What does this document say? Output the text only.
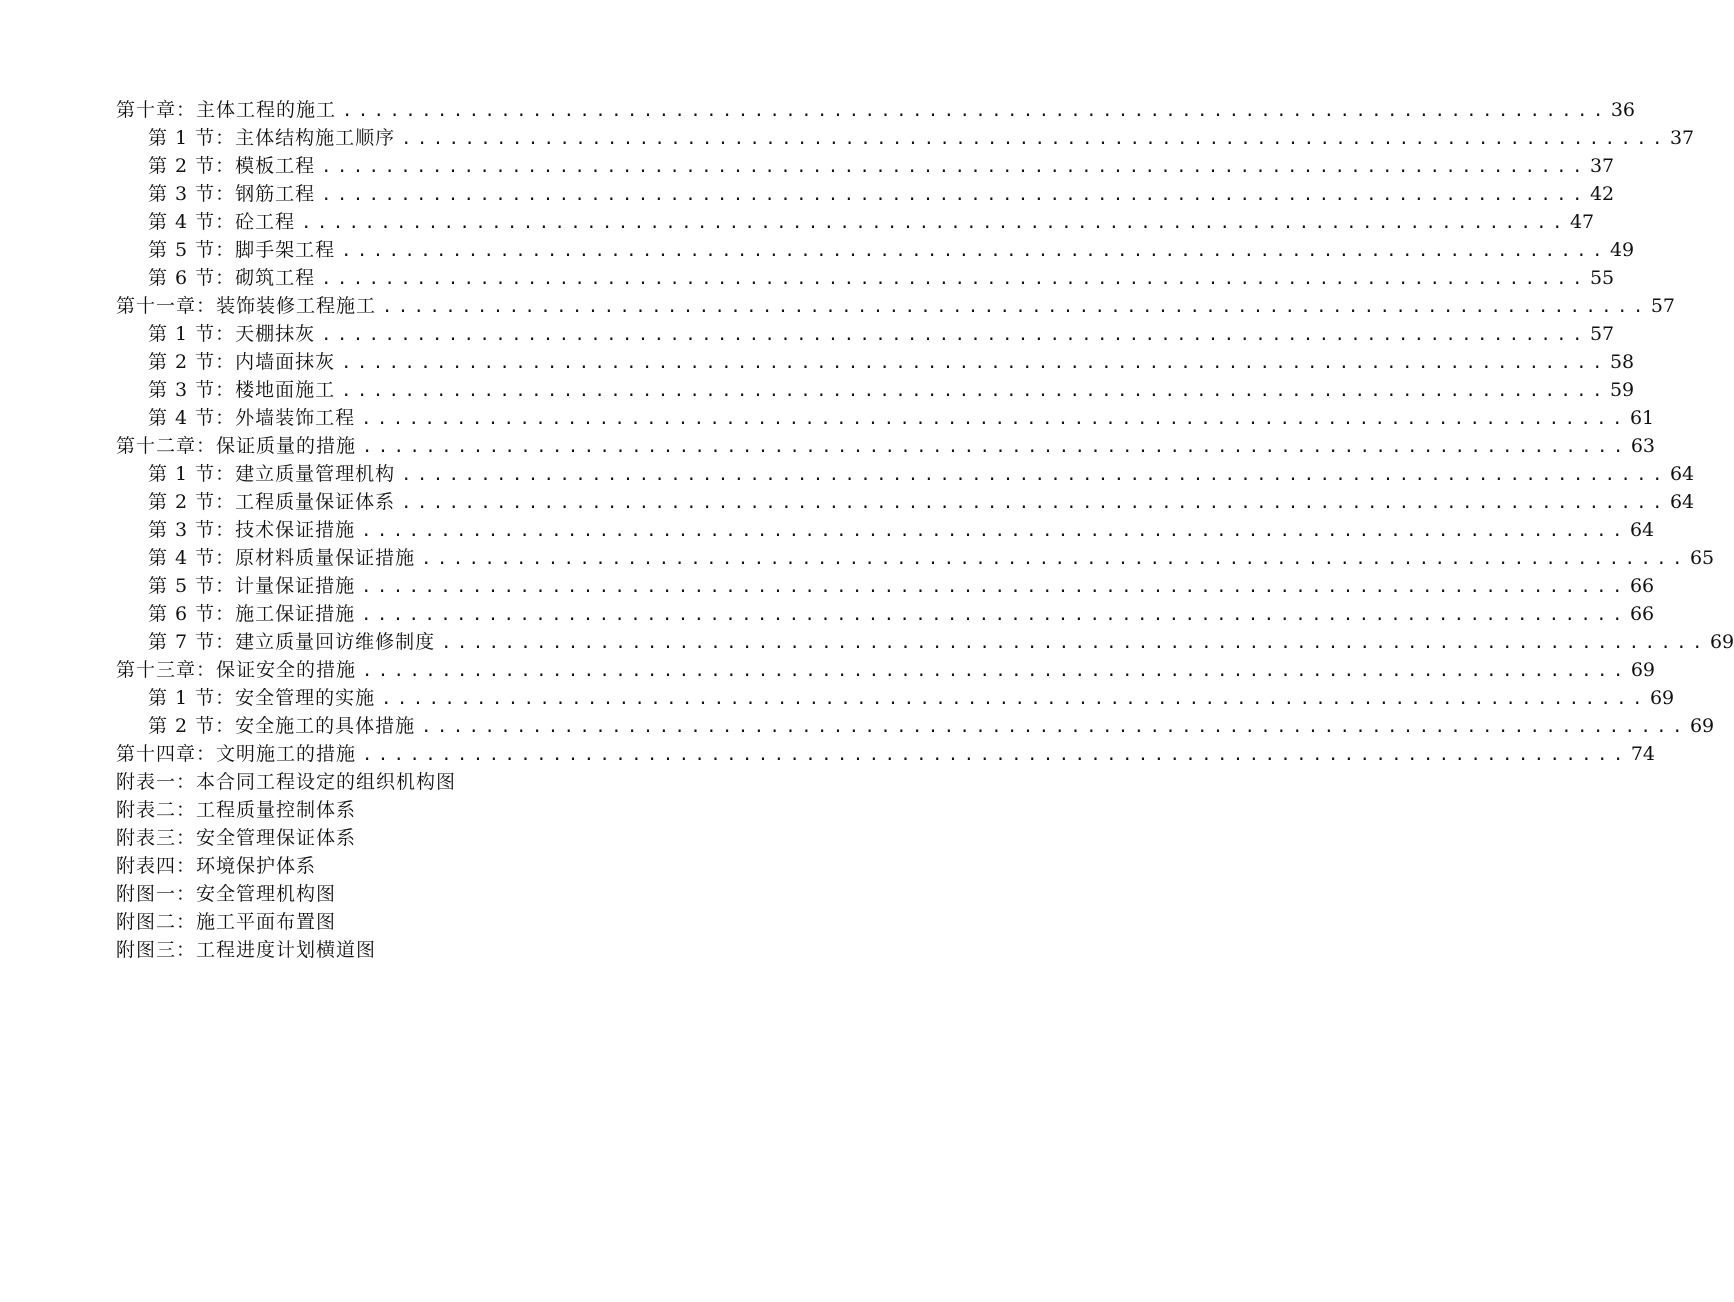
第十章：主体工程的施工 ................................................................................ 36
第 1 节：主体结构施工顺序 ................................................................................ 37
第 2 节：模板工程 ................................................................................ 37
第 3 节：钢筋工程 ................................................................................ 42
第 4 节：砼工程 ................................................................................ 47
第 5 节：脚手架工程 ................................................................................ 49
第 6 节：砌筑工程 ................................................................................ 55
第十一章：装饰装修工程施工 ................................................................................ 57
第 1 节：天棚抹灰 ................................................................................ 57
第 2 节：内墙面抹灰 ................................................................................ 58
第 3 节：楼地面施工 ................................................................................ 59
第 4 节：外墙装饰工程 ................................................................................ 61
第十二章：保证质量的措施 ................................................................................ 63
第 1 节：建立质量管理机构 ................................................................................ 64
第 2 节：工程质量保证体系 ................................................................................ 64
第 3 节：技术保证措施 ................................................................................ 64
第 4 节：原材料质量保证措施 ................................................................................ 65
第 5 节：计量保证措施 ................................................................................ 66
第 6 节：施工保证措施 ................................................................................ 66
第 7 节：建立质量回访维修制度 ................................................................................ 69
第十三章：保证安全的措施 ................................................................................ 69
第 1 节：安全管理的实施 ................................................................................ 69
第 2 节：安全施工的具体措施 ................................................................................ 69
第十四章：文明施工的措施 ................................................................................ 74
附表一：本合同工程设定的组织机构图
附表二：工程质量控制体系
附表三：安全管理保证体系
附表四：环境保护体系
附图一：安全管理机构图
附图二：施工平面布置图
附图三：工程进度计划横道图
